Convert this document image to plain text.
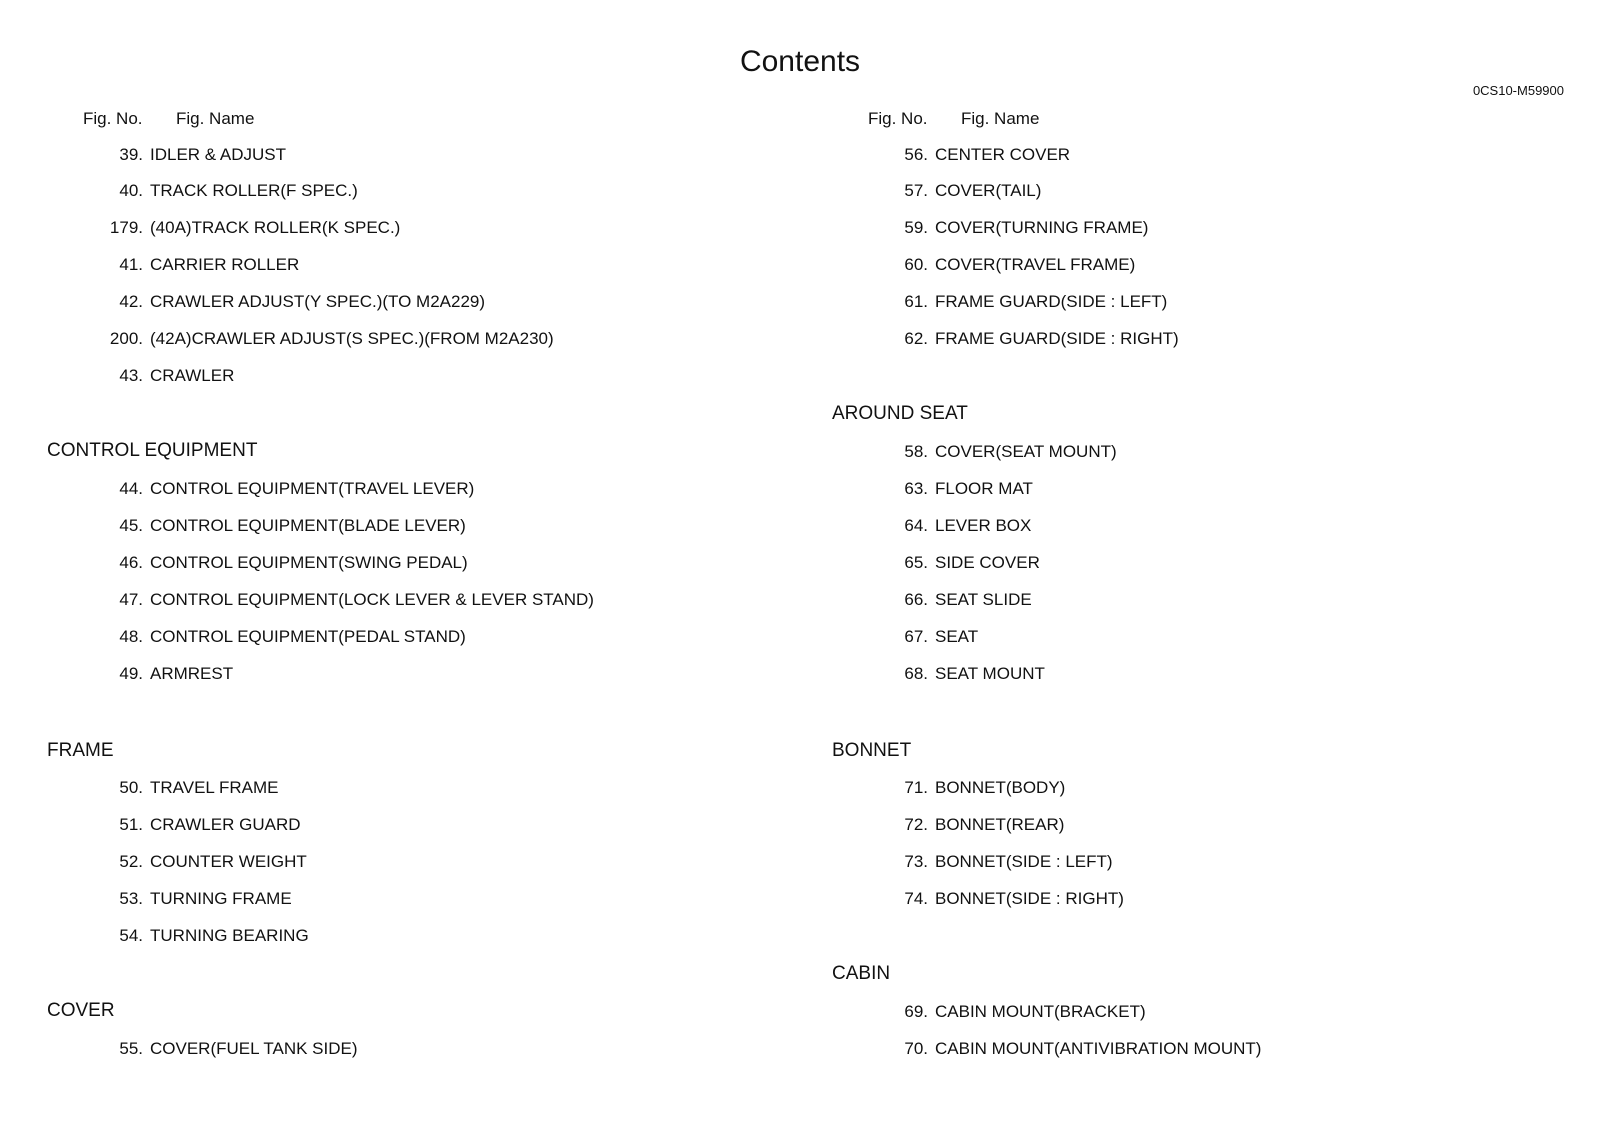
Contents
0CS10-M59900
Fig. No. Fig. Name
39. IDLER & ADJUST
40. TRACK ROLLER(F SPEC.)
179. (40A)TRACK ROLLER(K SPEC.)
41. CARRIER ROLLER
42. CRAWLER ADJUST(Y SPEC.)(TO M2A229)
200. (42A)CRAWLER ADJUST(S SPEC.)(FROM M2A230)
43. CRAWLER
CONTROL EQUIPMENT
44. CONTROL EQUIPMENT(TRAVEL LEVER)
45. CONTROL EQUIPMENT(BLADE LEVER)
46. CONTROL EQUIPMENT(SWING PEDAL)
47. CONTROL EQUIPMENT(LOCK LEVER & LEVER STAND)
48. CONTROL EQUIPMENT(PEDAL STAND)
49. ARMREST
FRAME
50. TRAVEL FRAME
51. CRAWLER GUARD
52. COUNTER WEIGHT
53. TURNING FRAME
54. TURNING BEARING
COVER
55. COVER(FUEL TANK SIDE)
Fig. No. Fig. Name
56. CENTER COVER
57. COVER(TAIL)
59. COVER(TURNING FRAME)
60. COVER(TRAVEL FRAME)
61. FRAME GUARD(SIDE : LEFT)
62. FRAME GUARD(SIDE : RIGHT)
AROUND SEAT
58. COVER(SEAT MOUNT)
63. FLOOR MAT
64. LEVER BOX
65. SIDE COVER
66. SEAT SLIDE
67. SEAT
68. SEAT MOUNT
BONNET
71. BONNET(BODY)
72. BONNET(REAR)
73. BONNET(SIDE : LEFT)
74. BONNET(SIDE : RIGHT)
CABIN
69. CABIN MOUNT(BRACKET)
70. CABIN MOUNT(ANTIVIBRATION MOUNT)
